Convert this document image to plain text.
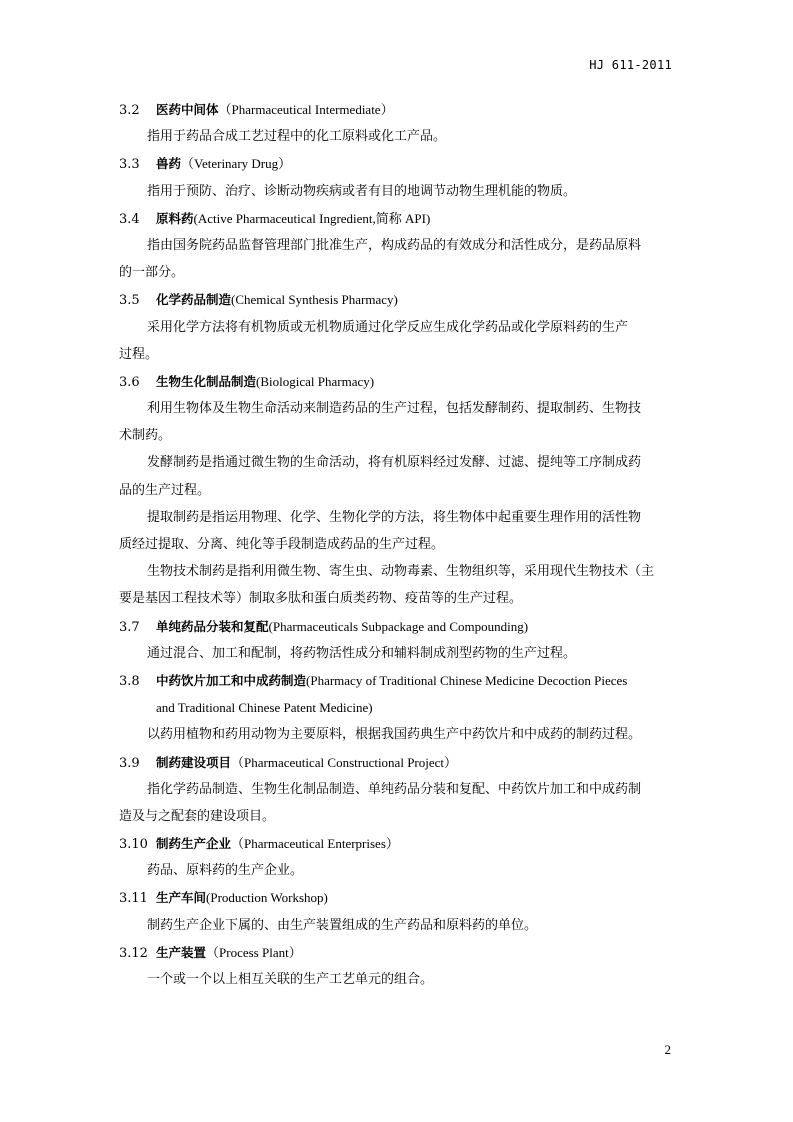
HJ 611-2011
3.2 医药中间体（Pharmaceutical Intermediate）
指用于药品合成工艺过程中的化工原料或化工产品。
3.3 兽药（Veterinary Drug）
指用于预防、治疗、诊断动物疾病或者有目的地调节动物生理机能的物质。
3.4 原料药(Active Pharmaceutical Ingredient,简称 API)
指由国务院药品监督管理部门批准生产，构成药品的有效成分和活性成分，是药品原料
的一部分。
3.5 化学药品制造(Chemical Synthesis Pharmacy)
采用化学方法将有机物质或无机物质通过化学反应生成化学药品或化学原料药的生产
过程。
3.6 生物生化制品制造(Biological Pharmacy)
利用生物体及生物生命活动来制造药品的生产过程，包括发酵制药、提取制药、生物技
术制药。
发酵制药是指通过微生物的生命活动，将有机原料经过发酵、过滤、提纯等工序制成药
品的生产过程。
提取制药是指运用物理、化学、生物化学的方法，将生物体中起重要生理作用的活性物
质经过提取、分离、纯化等手段制造成药品的生产过程。
生物技术制药是指利用微生物、寄生虫、动物毒素、生物组织等，采用现代生物技术（主
要是基因工程技术等）制取多肽和蛋白质类药物、疫苗等的生产过程。
3.7 单纯药品分装和复配(Pharmaceuticals Subpackage and Compounding)
通过混合、加工和配制，将药物活性成分和辅料制成剂型药物的生产过程。
3.8 中药饮片加工和中成药制造(Pharmacy of Traditional Chinese Medicine Decoction Pieces
and Traditional Chinese Patent Medicine)
以药用植物和药用动物为主要原料，根据我国药典生产中药饮片和中成药的制药过程。
3.9 制药建设项目（Pharmaceutical Constructional Project）
指化学药品制造、生物生化制品制造、单纯药品分装和复配、中药饮片加工和中成药制
造及与之配套的建设项目。
3.10 制药生产企业（Pharmaceutical Enterprises）
药品、原料药的生产企业。
3.11 生产车间(Production Workshop)
制药生产企业下属的、由生产装置组成的生产药品和原料药的单位。
3.12 生产装置（Process Plant）
一个或一个以上相互关联的生产工艺单元的组合。
2
